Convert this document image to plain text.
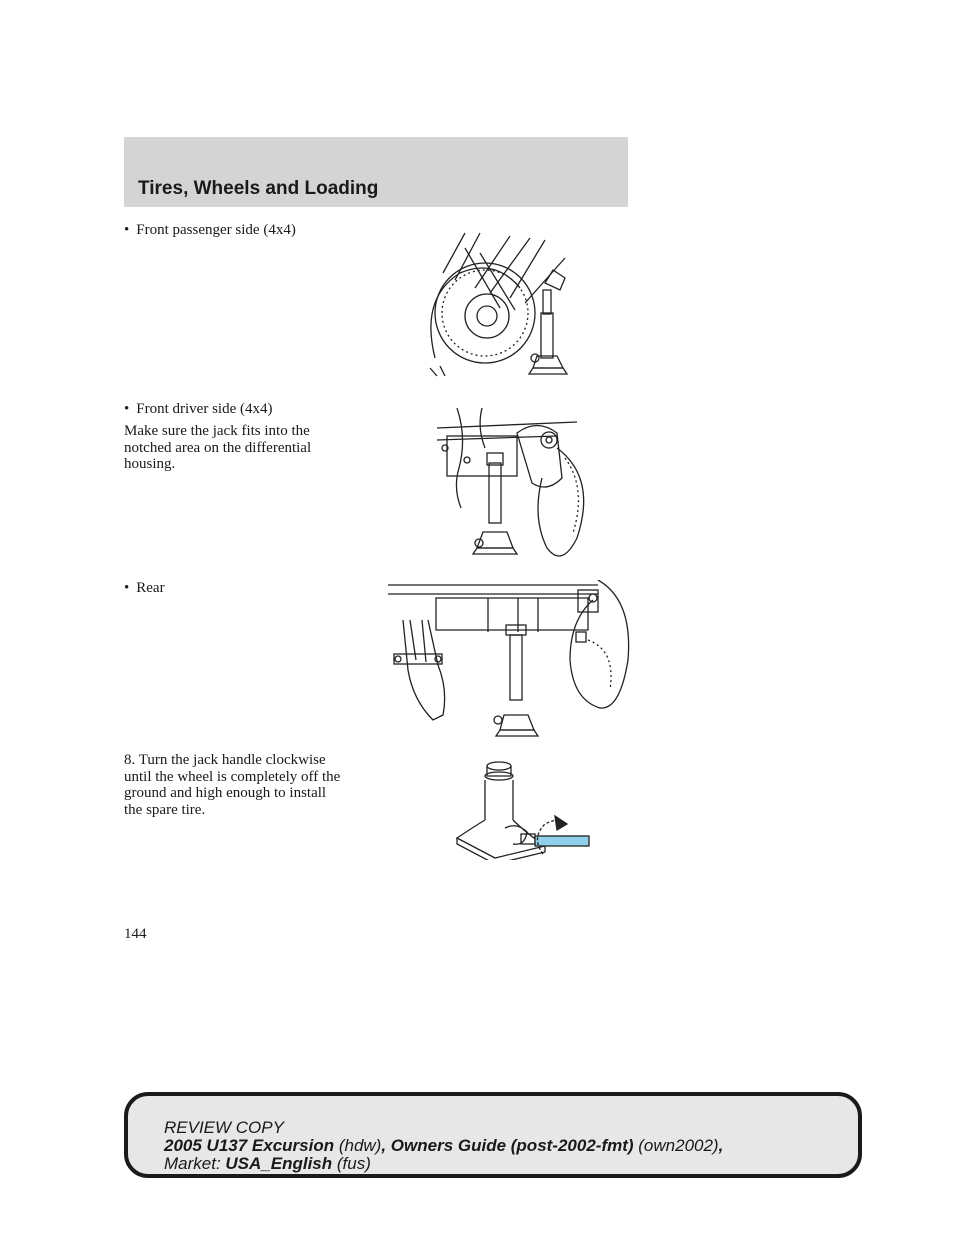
Tires, Wheels and Loading
• Front passenger side (4x4)
• Front driver side (4x4)
Make sure the jack fits into the
notched area on the differential
housing.
• Rear
8. Turn the jack handle clockwise
until the wheel is completely off the
ground and high enough to install
the spare tire.
144
REVIEW COPY
2005 U137 Excursion (hdw), Owners Guide (post-2002-fmt) (own2002),
Market: USA_English (fus)
